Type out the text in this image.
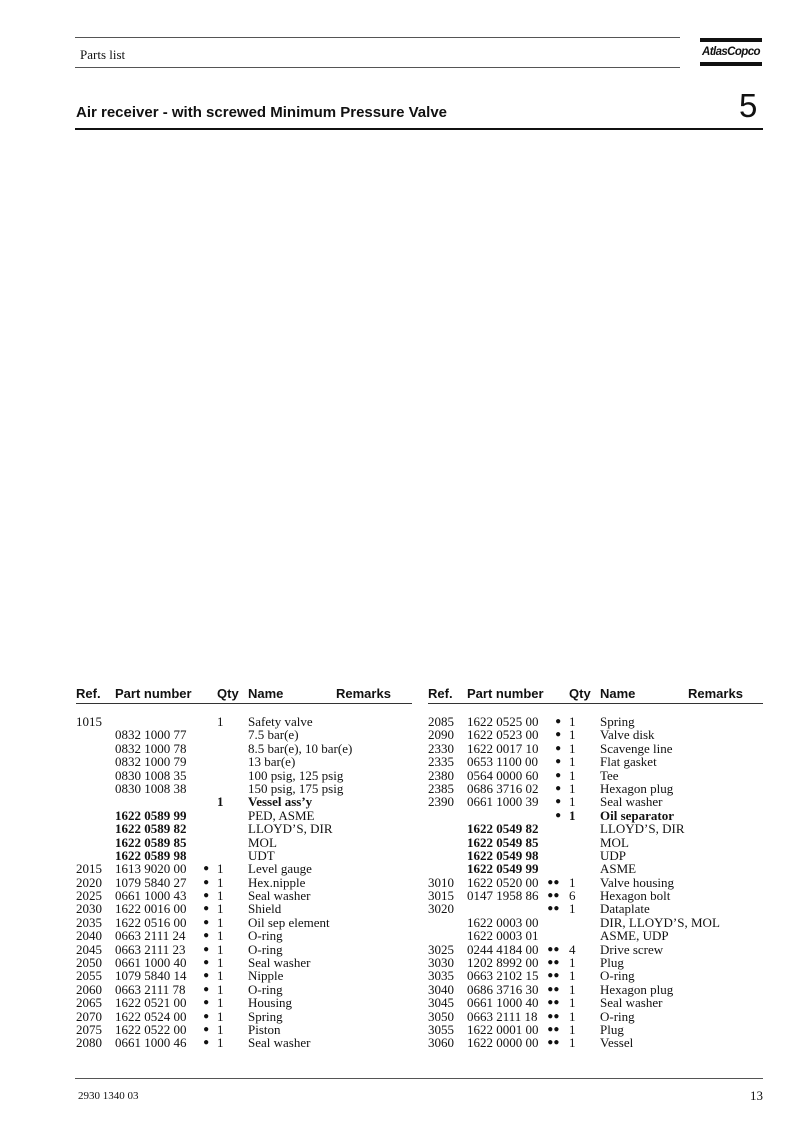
Parts list	AtlasCopco
Air receiver - with screwed Minimum Pressure Valve	5
Ref. Part number Qty Name	Remarks
1015	1 Safety valve
0832 1000 77	7.5 bar(e)
0832 1000 78	8.5 bar(e), 10 bar(e)
0832 1000 79	13 bar(e)
0830 1008 35	100 psig, 125 psig
0830 1008 38	150 psig, 175 psig
1 Vessel ass’y
1622 0589 99	PED, ASME
1622 0589 82	LLOYD’S, DIR
1622 0589 85	MOL
1622 0589 98	UDT
2015 1613 9020 00 ● 1 Level gauge
2020 1079 5840 27 ● 1 Hex.nipple
2025 0661 1000 43 ● 1 Seal washer
2030 1622 0016 00 ● 1 Shield
2035 1622 0516 00 ● 1 Oil sep element
2040 0663 2111 24 ● 1 O-ring
2045 0663 2111 23 ● 1 O-ring
2050 0661 1000 40 ● 1 Seal washer
2055 1079 5840 14 ● 1 Nipple
2060 0663 2111 78 ● 1 O-ring
2065 1622 0521 00 ● 1 Housing
2070 1622 0524 00 ● 1 Spring
2075 1622 0522 00 ● 1 Piston
2080 0661 1000 46 ● 1 Seal washer
Ref. Part number Qty Name	Remarks
2085 1622 0525 00 ● 1 Spring
2090 1622 0523 00 ● 1 Valve disk
2330 1622 0017 10 ● 1 Scavenge line
2335 0653 1100 00 ● 1 Flat gasket
2380 0564 0000 60 ● 1 Tee
2385 0686 3716 02 ● 1 Hexagon plug
2390 0661 1000 39 ● 1 Seal washer
● 1 Oil separator
1622 0549 82	LLOYD’S, DIR
1622 0549 85	MOL
1622 0549 98	UDP
1622 0549 99	ASME
3010 1622 0520 00 ●● 1 Valve housing
3015 0147 1958 86 ●● 6 Hexagon bolt
3020	●● 1 Dataplate
1622 0003 00	DIR, LLOYD’S, MOL
1622 0003 01	ASME, UDP
3025 0244 4184 00 ●● 4 Drive screw
3030 1202 8992 00 ●● 1 Plug
3035 0663 2102 15 ●● 1 O-ring
3040 0686 3716 30 ●● 1 Hexagon plug
3045 0661 1000 40 ●● 1 Seal washer
3050 0663 2111 18 ●● 1 O-ring
3055 1622 0001 00 ●● 1 Plug
3060 1622 0000 00 ●● 1 Vessel
2930 1340 03	13
